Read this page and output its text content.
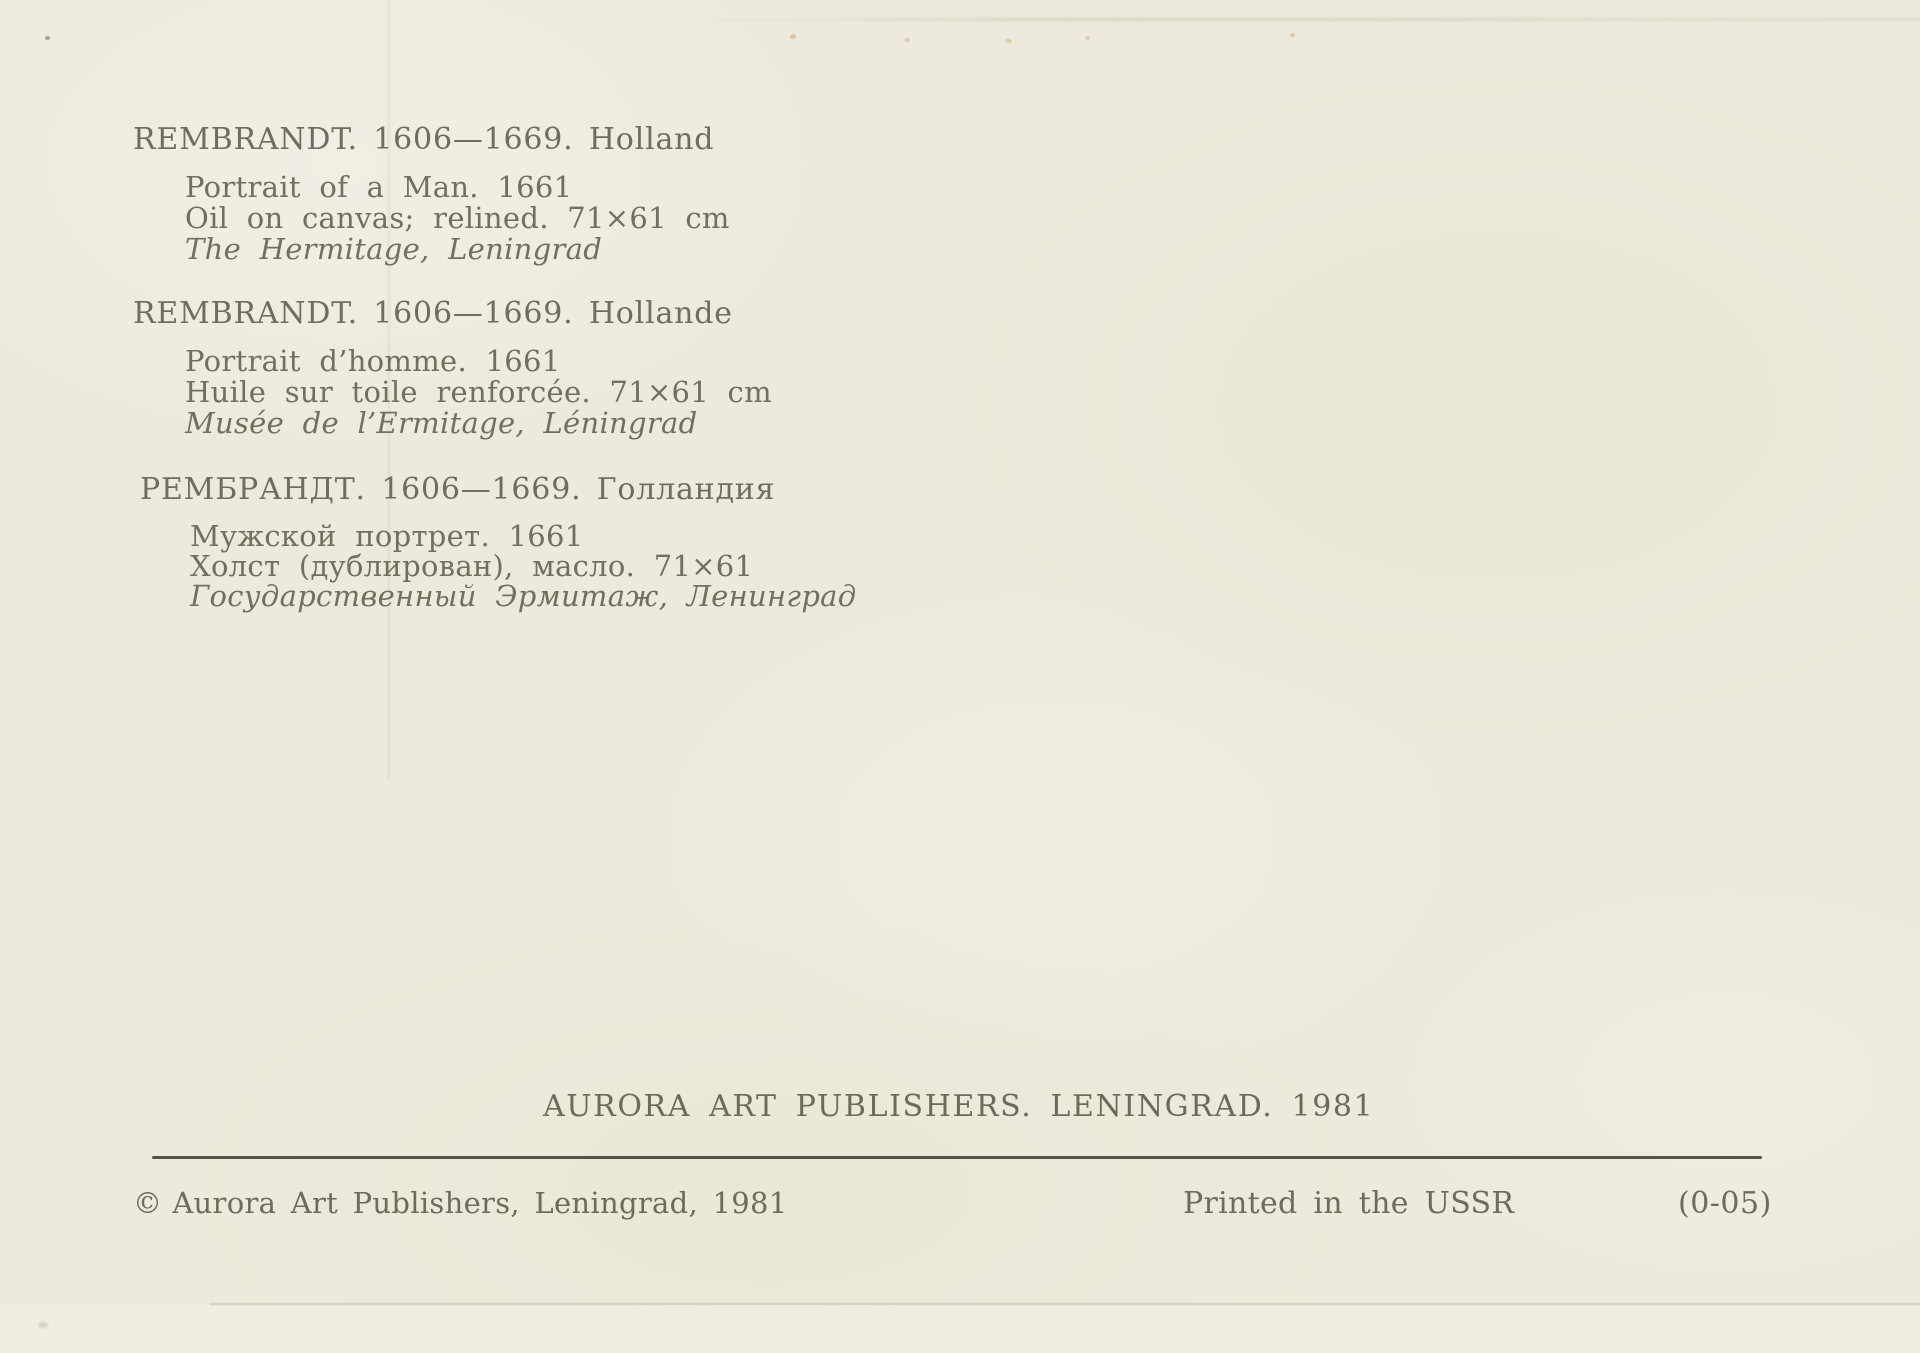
REMBRANDT. 1606—1669. Holland
Portrait of a Man. 1661
Oil on canvas; relined. 71×61 cm
The Hermitage, Leningrad
REMBRANDT. 1606—1669. Hollande
Portrait d’homme. 1661
Huile sur toile renforcée. 71×61 cm
Musée de l’Ermitage, Léningrad
РЕМБРАНДТ. 1606—1669. Голландия
Мужской портрет. 1661
Холст (дублирован), масло. 71×61
Государственный Эрмитаж, Ленинград
AURORA ART PUBLISHERS. LENINGRAD. 1981
© Aurora Art Publishers, Leningrad, 1981	Printed in the USSR	(0-05)
